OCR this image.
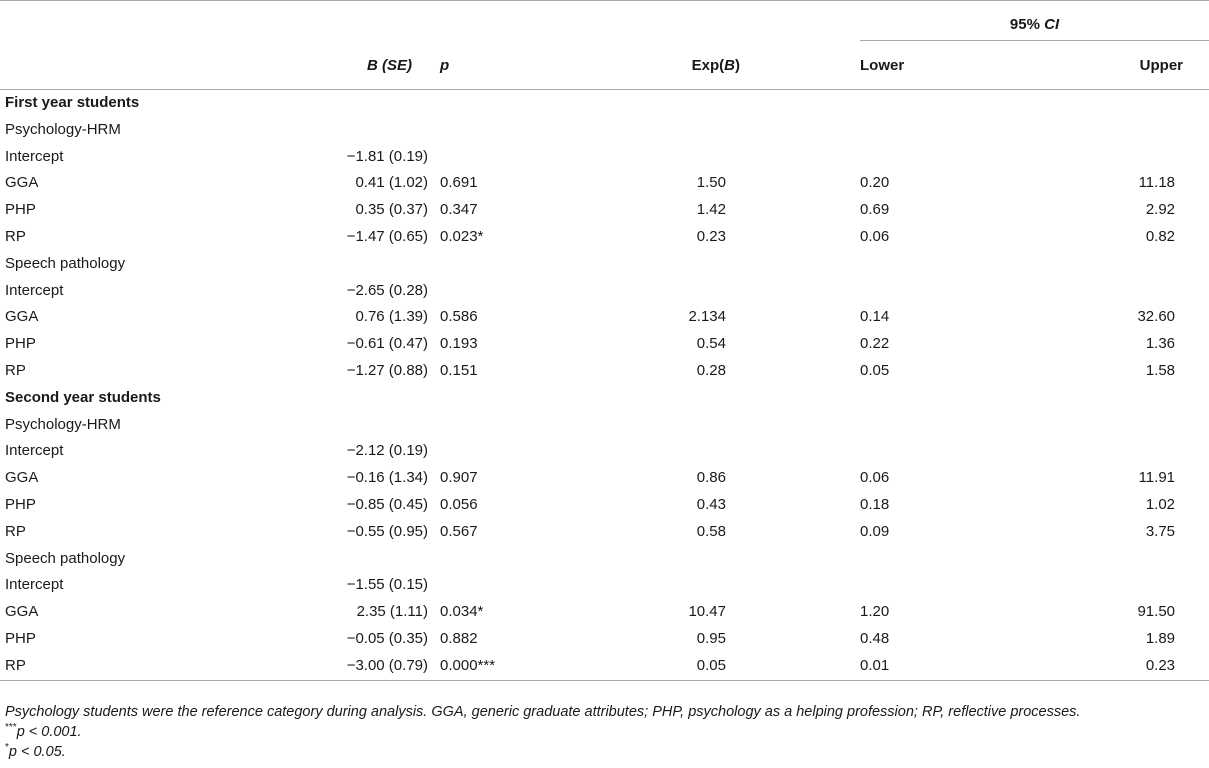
				95% CI	

	B (SE)	p	Exp(B)	Lower	Upper
First year students					
Psychology-HRM					
Intercept	−1.81 (0.19)				
GGA	0.41 (1.02)	0.691	1.50	0.20	11.18
PHP	0.35 (0.37)	0.347	1.42	0.69	2.92
RP	−1.47 (0.65)	0.023*	0.23	0.06	0.82
Speech pathology					
Intercept	−2.65 (0.28)				
GGA	0.76 (1.39)	0.586	2.134	0.14	32.60
PHP	−0.61 (0.47)	0.193	0.54	0.22	1.36
RP	−1.27 (0.88)	0.151	0.28	0.05	1.58
Second year students					
Psychology-HRM					
Intercept	−2.12 (0.19)				
GGA	−0.16 (1.34)	0.907	0.86	0.06	11.91
PHP	−0.85 (0.45)	0.056	0.43	0.18	1.02
RP	−0.55 (0.95)	0.567	0.58	0.09	3.75
Speech pathology					
Intercept	−1.55 (0.15)				
GGA	2.35 (1.11)	0.034*	10.47	1.20	91.50
PHP	−0.05 (0.35)	0.882	0.95	0.48	1.89
RP	−3.00 (0.79)	0.000***	0.05	0.01	0.23
Psychology students were the reference category during analysis. GGA, generic graduate attributes; PHP, psychology as a helping profession; RP, reflective processes.
***p < 0.001.
*p < 0.05.
